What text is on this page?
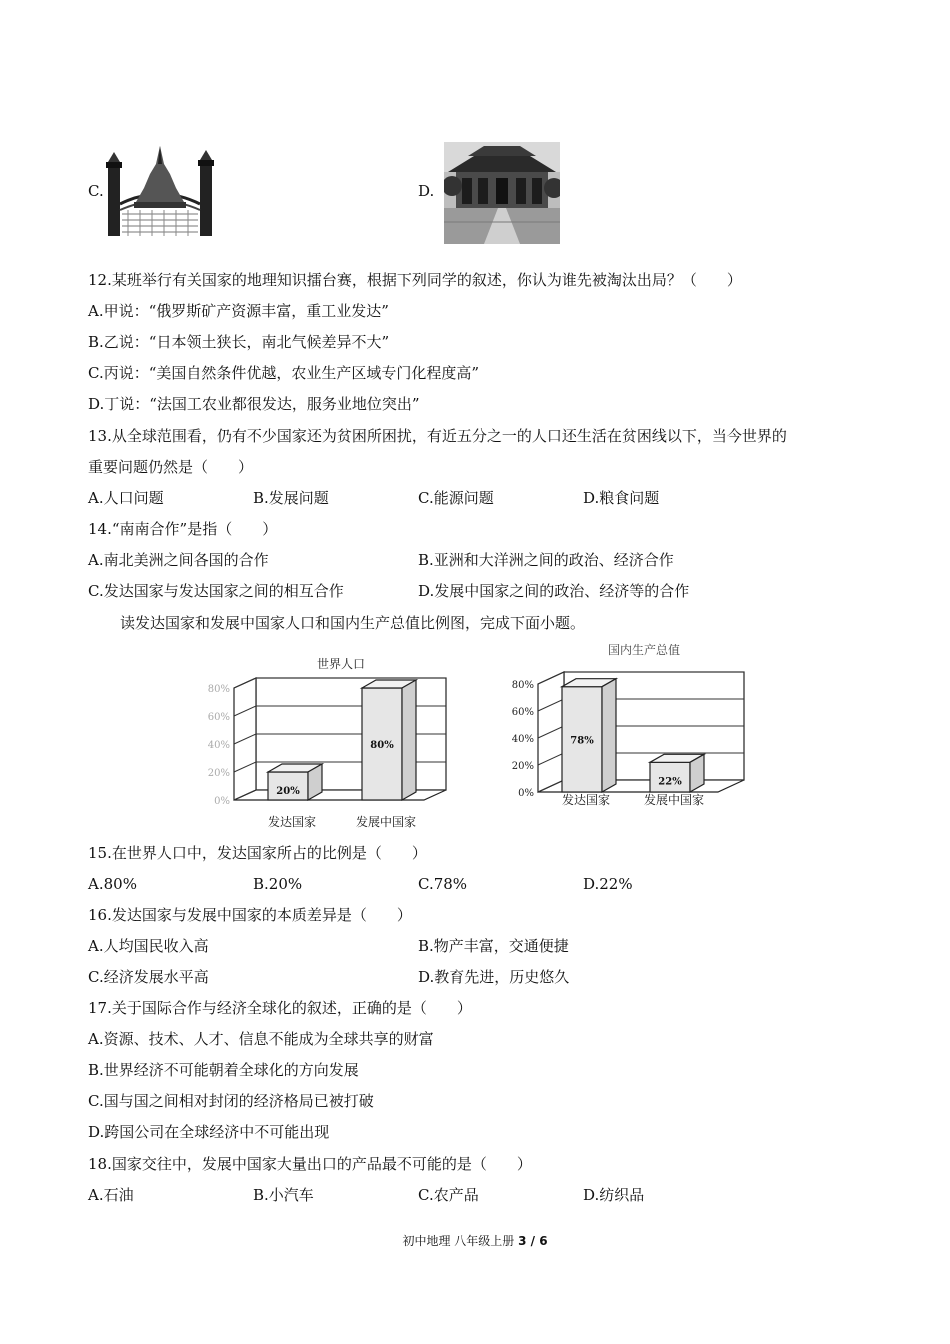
C.	D.
12.某班举行有关国家的地理知识擂台赛，根据下列同学的叙述，你认为谁先被淘汰出局？（　　）
A.甲说：“俄罗斯矿产资源丰富，重工业发达”
B.乙说：“日本领土狭长，南北气候差异不大”
C.丙说：“美国自然条件优越，农业生产区域专门化程度高”
D.丁说：“法国工农业都很发达，服务业地位突出”
13.从全球范围看，仍有不少国家还为贫困所困扰，有近五分之一的人口还生活在贫困线以下，当今世界的
重要问题仍然是（　　）
A.人口问题	B.发展问题	C.能源问题	D.粮食问题
14.“南南合作”是指（　　）
A.南北美洲之间各国的合作	B.亚洲和大洋洲之间的政治、经济合作
C.发达国家与发达国家之间的相互合作	D.发展中国家之间的政治、经济等的合作
读发达国家和发展中国家人口和国内生产总值比例图，完成下面小题。
0%
20%
40%
60%
80%
世界人口
20%
发达国家
80%
发展中国家
0%
20%
40%
60%
80%
国内生产总值
78%
发达国家
22%
发展中国家
15.在世界人口中，发达国家所占的比例是（　　）
A.80%	B.20%	C.78%	D.22%
16.发达国家与发展中国家的本质差异是（　　）
A.人均国民收入高	B.物产丰富，交通便捷
C.经济发展水平高	D.教育先进，历史悠久
17.关于国际合作与经济全球化的叙述，正确的是（　　）
A.资源、技术、人才、信息不能成为全球共享的财富
B.世界经济不可能朝着全球化的方向发展
C.国与国之间相对封闭的经济格局已被打破
D.跨国公司在全球经济中不可能出现
18.国家交往中，发展中国家大量出口的产品最不可能的是（　　）
A.石油	B.小汽车	C.农产品	D.纺织品
初中地理 八年级上册 3 / 6
